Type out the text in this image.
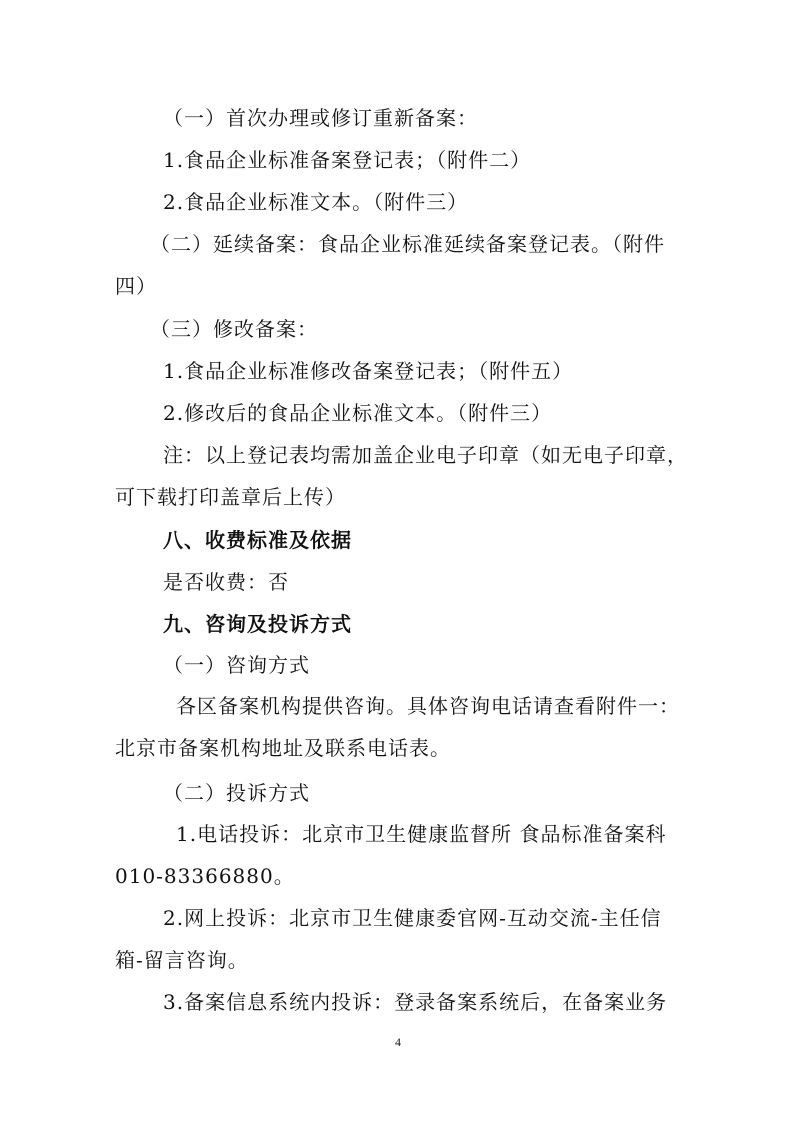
（一）首次办理或修订重新备案：
1.食品企业标准备案登记表；（附件二）
2.食品企业标准文本。（附件三）
（二）延续备案：食品企业标准延续备案登记表。（附件
四）
（三）修改备案：
1.食品企业标准修改备案登记表；（附件五）
2.修改后的食品企业标准文本。（附件三）
注：以上登记表均需加盖企业电子印章（如无电子印章，
可下载打印盖章后上传）
八、收费标准及依据
是否收费：否
九、咨询及投诉方式
（一）咨询方式
各区备案机构提供咨询。具体咨询电话请查看附件一：
北京市备案机构地址及联系电话表。
（二）投诉方式
1.电话投诉：北京市卫生健康监督所 食品标准备案科
010-83366880。
2.网上投诉：北京市卫生健康委官网-互动交流-主任信
箱-留言咨询。
3.备案信息系统内投诉：登录备案系统后，在备案业务
4
